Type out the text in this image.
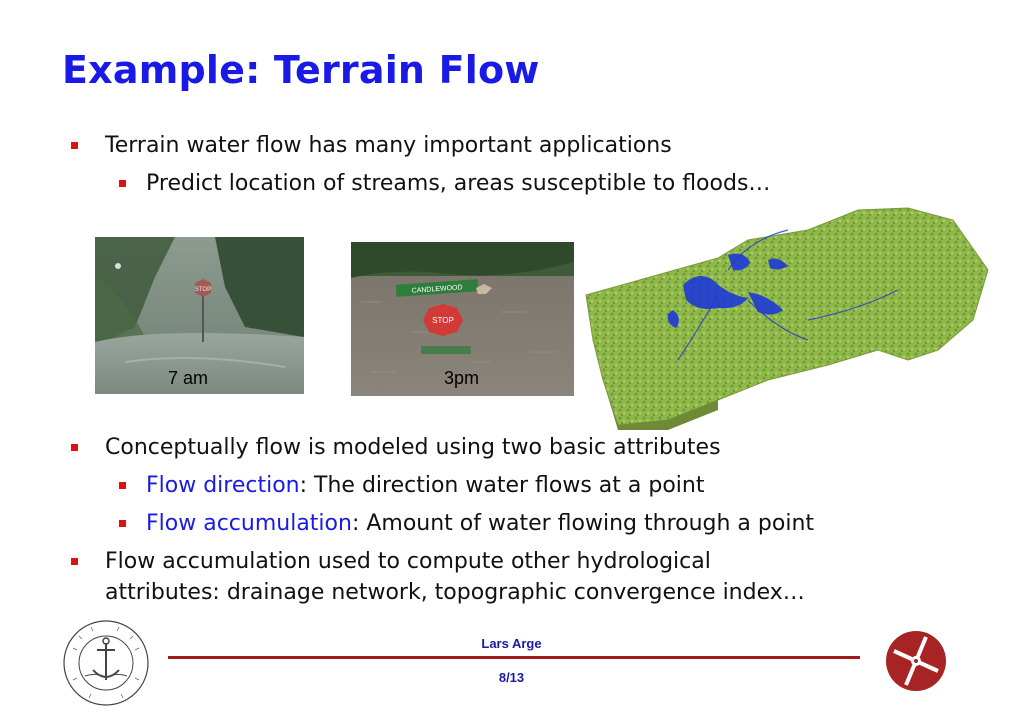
Example: Terrain Flow
Terrain water flow has many important applications
Predict location of streams, areas susceptible to floods…
STOP
7 am
CANDLEWOOD
STOP
3pm
Conceptually flow is modeled using two basic attributes
Flow direction: The direction water flows at a point
Flow accumulation: Amount of water flowing through a point
Flow accumulation used to compute other hydrological
attributes: drainage network, topographic convergence index…
Lars Arge
8/13
